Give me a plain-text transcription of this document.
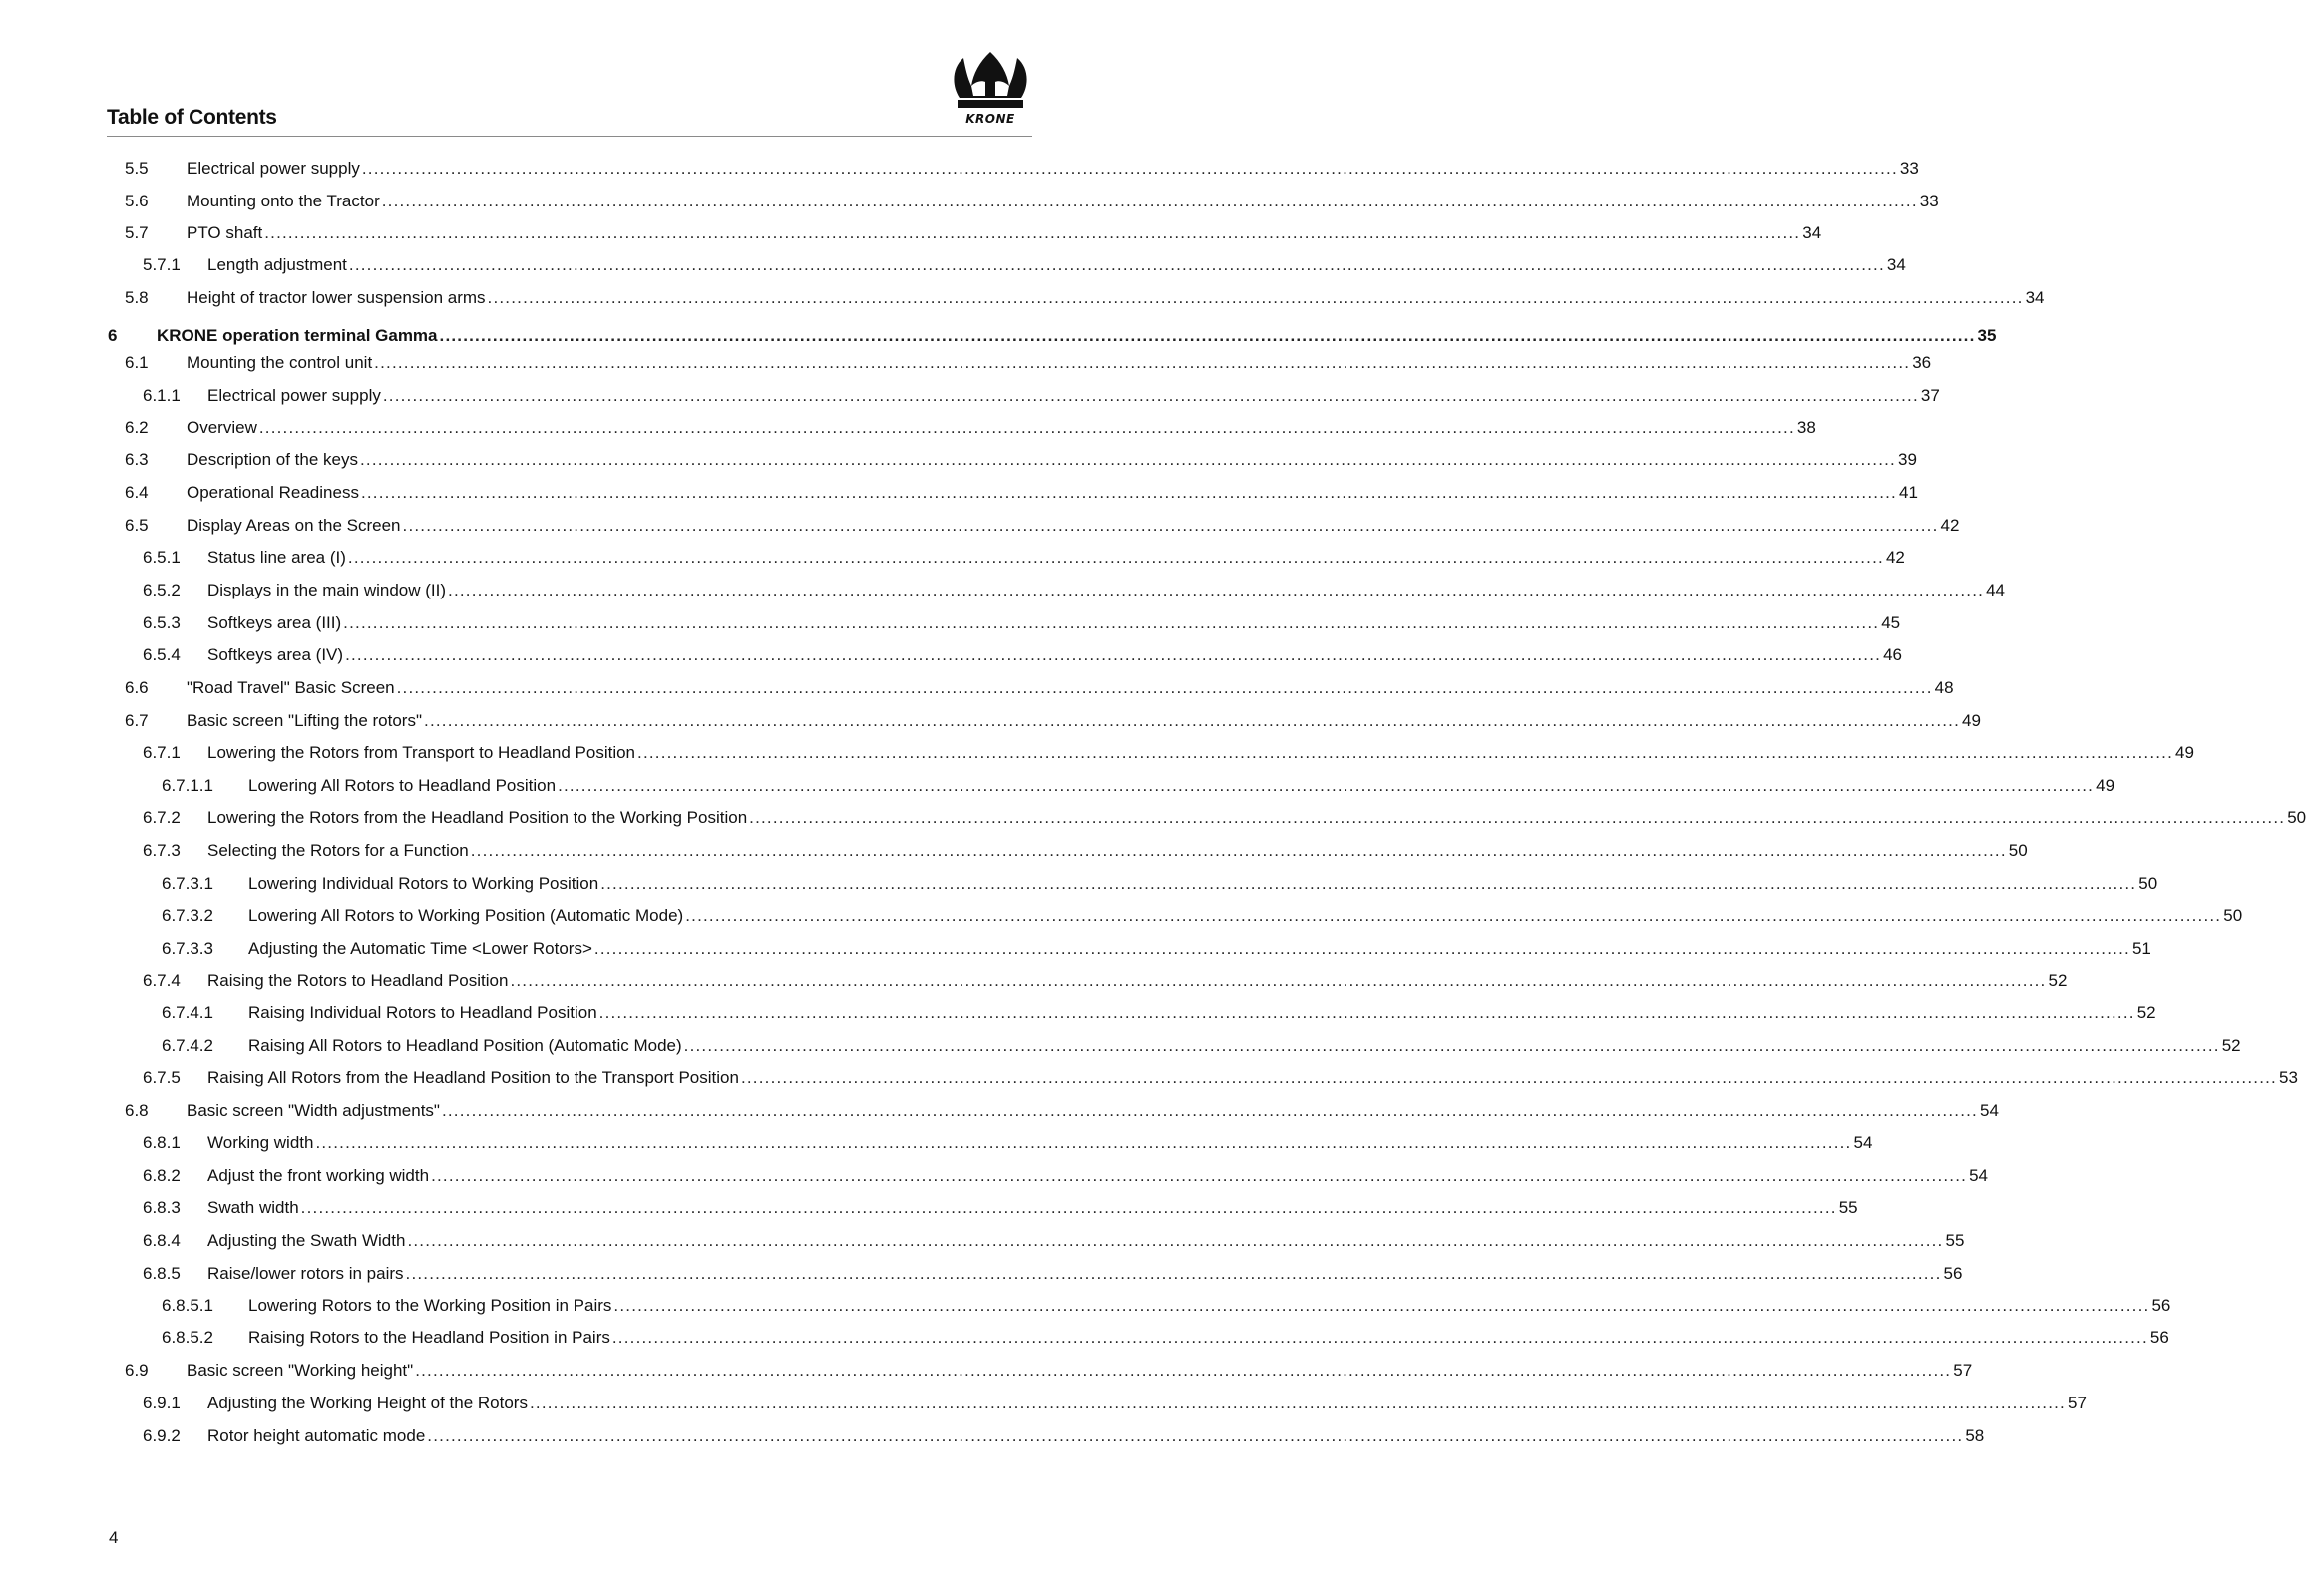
Table of Contents	KRONE
5.5 Electrical power supply .................................................................................................................................................................................................................................................................... 33
5.6 Mounting onto the Tractor .................................................................................................................................................................................................................................................................... 33
5.7 PTO shaft .................................................................................................................................................................................................................................................................... 34
5.7.1 Length adjustment .................................................................................................................................................................................................................................................................... 34
5.8 Height of tractor lower suspension arms .................................................................................................................................................................................................................................................................... 34
6 KRONE operation terminal Gamma .................................................................................................................................................................................................................................................................... 35
6.1 Mounting the control unit .................................................................................................................................................................................................................................................................... 36
6.1.1 Electrical power supply .................................................................................................................................................................................................................................................................... 37
6.2 Overview .................................................................................................................................................................................................................................................................... 38
6.3 Description of the keys .................................................................................................................................................................................................................................................................... 39
6.4 Operational Readiness .................................................................................................................................................................................................................................................................... 41
6.5 Display Areas on the Screen .................................................................................................................................................................................................................................................................... 42
6.5.1 Status line area (I) .................................................................................................................................................................................................................................................................... 42
6.5.2 Displays in the main window (II) .................................................................................................................................................................................................................................................................... 44
6.5.3 Softkeys area (III) .................................................................................................................................................................................................................................................................... 45
6.5.4 Softkeys area (IV) .................................................................................................................................................................................................................................................................... 46
6.6 "Road Travel" Basic Screen .................................................................................................................................................................................................................................................................... 48
6.7 Basic screen "Lifting the rotors" .................................................................................................................................................................................................................................................................... 49
6.7.1 Lowering the Rotors from Transport to Headland Position .................................................................................................................................................................................................................................................................... 49
6.7.1.1 Lowering All Rotors to Headland Position .................................................................................................................................................................................................................................................................... 49
6.7.2 Lowering the Rotors from the Headland Position to the Working Position .................................................................................................................................................................................................................................................................... 50
6.7.3 Selecting the Rotors for a Function .................................................................................................................................................................................................................................................................... 50
6.7.3.1 Lowering Individual Rotors to Working Position .................................................................................................................................................................................................................................................................... 50
6.7.3.2 Lowering All Rotors to Working Position (Automatic Mode) .................................................................................................................................................................................................................................................................... 50
6.7.3.3 Adjusting the Automatic Time <Lower Rotors> .................................................................................................................................................................................................................................................................... 51
6.7.4 Raising the Rotors to Headland Position .................................................................................................................................................................................................................................................................... 52
6.7.4.1 Raising Individual Rotors to Headland Position .................................................................................................................................................................................................................................................................... 52
6.7.4.2 Raising All Rotors to Headland Position (Automatic Mode) .................................................................................................................................................................................................................................................................... 52
6.7.5 Raising All Rotors from the Headland Position to the Transport Position .................................................................................................................................................................................................................................................................... 53
6.8 Basic screen "Width adjustments" .................................................................................................................................................................................................................................................................... 54
6.8.1 Working width .................................................................................................................................................................................................................................................................... 54
6.8.2 Adjust the front working width .................................................................................................................................................................................................................................................................... 54
6.8.3 Swath width .................................................................................................................................................................................................................................................................... 55
6.8.4 Adjusting the Swath Width .................................................................................................................................................................................................................................................................... 55
6.8.5 Raise/lower rotors in pairs .................................................................................................................................................................................................................................................................... 56
6.8.5.1 Lowering Rotors to the Working Position in Pairs .................................................................................................................................................................................................................................................................... 56
6.8.5.2 Raising Rotors to the Headland Position in Pairs .................................................................................................................................................................................................................................................................... 56
6.9 Basic screen "Working height" .................................................................................................................................................................................................................................................................... 57
6.9.1 Adjusting the Working Height of the Rotors .................................................................................................................................................................................................................................................................... 57
6.9.2 Rotor height automatic mode .................................................................................................................................................................................................................................................................... 58
4
